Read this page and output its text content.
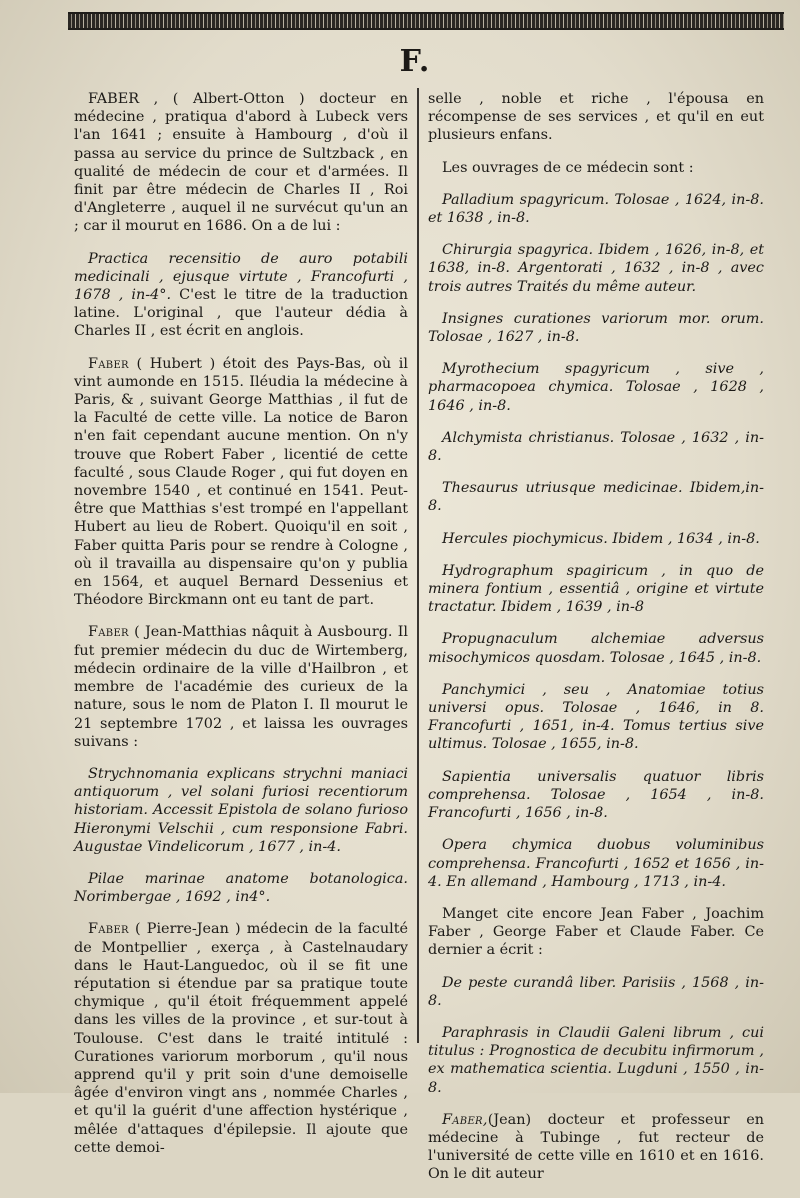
F.

FABER , ( Albert-Otton ) docteur en médecine , pratiqua d'abord à Lubeck vers l'an 1641 ; ensuite à Hambourg , d'où il passa au service du prince de Sultzback , en qualité de médecin de cour et d'armées. Il finit par être médecin de Charles II , Roi d'Angleterre , auquel il ne survécut qu'un an ; car il mourut en 1686. On a de lui :

Practica recensitio de auro potabili medicinali , ejusque virtute , Francofurti , 1678 , in-4°. C'est le titre de la traduction latine. L'original , que l'auteur dédia à Charles II , est écrit en anglois.

Faber ( Hubert ) étoit des Pays-Bas, où il vint aumonde en 1515. Iléudia la médecine à Paris, & , suivant George Matthias , il fut de la Faculté de cette ville. La notice de Baron n'en fait cependant aucune mention. On n'y trouve que Robert Faber , licentié de cette faculté , sous Claude Roger , qui fut doyen en novembre 1540 , et continué en 1541. Peut-être que Matthias s'est trompé en l'appellant Hubert au lieu de Robert. Quoiqu'il en soit , Faber quitta Paris pour se rendre à Cologne , où il travailla au dispensaire qu'on y publia en 1564, et auquel Bernard Dessenius et Théodore Birckmann ont eu tant de part.

Faber ( Jean-Matthias nâquit à Ausbourg. Il fut premier médecin du duc de Wirtemberg, médecin ordinaire de la ville d'Hailbron , et membre de l'académie des curieux de la nature, sous le nom de Platon I. Il mourut le 21 septembre 1702 , et laissa les ouvrages suivans :

Strychnomania explicans strychni maniaci antiquorum , vel solani furiosi recentiorum historiam. Accessit Epistola de solano furioso Hieronymi Velschii , cum responsione Fabri. Augustae Vindelicorum , 1677 , in-4.

Pilae marinae anatome botanologica. Norimbergae , 1692 , in4°.

Faber ( Pierre-Jean ) médecin de la faculté de Montpellier , exerça , à Castelnaudary dans le Haut-Languedoc, où il se fit une réputation si étendue par sa pratique toute chymique , qu'il étoit fréquemment appelé dans les villes de la province , et sur-tout à Toulouse. C'est dans le traité intitulé : Curationes variorum morborum , qu'il nous apprend qu'il y prit soin d'une demoiselle âgée d'environ vingt ans , nommée Charles , et qu'il la guérit d'une affection hystérique , mêlée d'attaques d'épilepsie. Il ajoute que cette demoi-

selle , noble et riche , l'épousa en récompense de ses services , et qu'il en eut plusieurs enfans.

Les ouvrages de ce médecin sont :

Palladium spagyricum. Tolosae , 1624, in-8. et 1638 , in-8.

Chirurgia spagyrica. Ibidem , 1626, in-8, et 1638, in-8. Argentorati , 1632 , in-8 , avec trois autres Traités du même auteur.

Insignes curationes variorum mor. orum. Tolosae , 1627 , in-8.

Myrothecium spagyricum , sive , pharmacopoea chymica. Tolosae , 1628 , 1646 , in-8.

Alchymista christianus. Tolosae , 1632 , in-8.

Thesaurus utriusque medicinae. Ibidem,in-8.

Hercules piochymicus. Ibidem , 1634 , in-8.

Hydrographum spagiricum , in quo de minera fontium , essentiâ , origine et virtute tractatur. Ibidem , 1639 , in-8

Propugnaculum alchemiae adversus misochymicos quosdam. Tolosae , 1645 , in-8.

Panchymici , seu , Anatomiae totius universi opus. Tolosae , 1646, in 8. Francofurti , 1651, in-4. Tomus tertius sive ultimus. Tolosae , 1655, in-8.

Sapientia universalis quatuor libris comprehensa. Tolosae , 1654 , in-8. Francofurti , 1656 , in-8.

Opera chymica duobus voluminibus comprehensa. Francofurti , 1652 et 1656 , in-4. En allemand , Hambourg , 1713 , in-4.

Manget cite encore Jean Faber , Joachim Faber , George Faber et Claude Faber. Ce dernier a écrit :

De peste curandâ liber. Parisiis , 1568 , in-8.

Paraphrasis in Claudii Galeni librum , cui titulus : Prognostica de decubitu infirmorum , ex mathematica scientia. Lugduni , 1550 , in-8.

Faber,(Jean) docteur et professeur en médecine à Tubinge , fut recteur de l'université de cette ville en 1610 et en 1616. On le dit auteur
